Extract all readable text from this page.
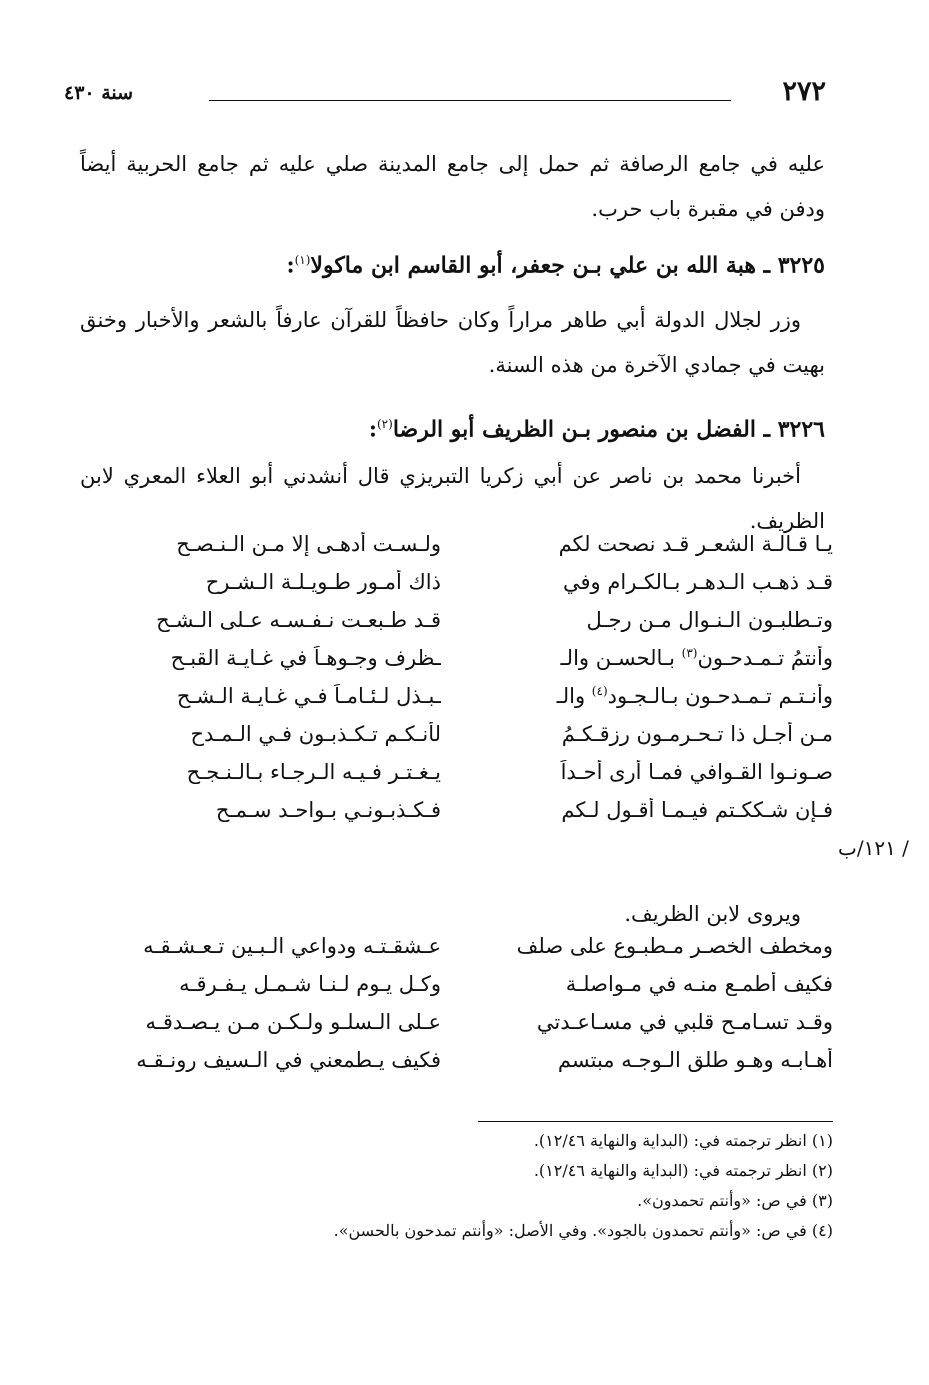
٢٧٢
سنة ٤٣٠
عليه في جامع الرصافة ثم حمل إلى جامع المدينة صلي عليه ثم جامع الحربية أيضاً ودفن في مقبرة باب حرب.
٣٢٢٥ ـ هبة الله بن علي بـن جعفر، أبو القاسم ابن ماكولا$^{(١)}$:
وزر لجلال الدولة أبي طاهر مراراً وكان حافظاً للقرآن عارفاً بالشعر والأخبار وخنق بهيت في جمادي الآخرة من هذه السنة.
٣٢٢٦ ـ الفضل بن منصور بـن الظريف أبو الرضا$^{(٢)}$:
أخبرنا محمد بن ناصر عن أبي زكريا التبريزي قال أنشدني أبو العلاء المعري لابن الظريف.
يـا قـالـة الشعـر قـد نصحت لكم
ولـسـت أدهـى إلا مـن الـنـصـح
قـد ذهـب الـدهـر بـالكـرام وفي
ذاك أمـور طـويـلـة الـشـرح
وتـطلبـون الـنـوال مـن رجـل
قـد طـبعـت نـفـسـه عـلى الـشـح
وأنتمُ تـمـدحـون$^{(٣)}$ بـالحسـن والـ
ـظرف وجـوهـاً في غـايـة القبـح
وأنـتـم تـمـدحـون بـالـجـود$^{(٤)}$ والـ
ـبـذل لـئـامـاً فـي غـايـة الـشـح
مـن أجـل ذا تـحـرمـون رزقـكـمُ
لأنـكـم تـكـذبـون فـي الـمـدح
صـونـوا القـوافي فمـا أرى أحـداً
يـغـتـر فـيـه الـرجـاء بـالـنـجـح
فـإن شـككـتم فيـمـا أقـول لـكم
فـكـذبـونـي بـواحـد سـمـح
١٢١/ب /
ويروى لابن الظريف.
ومخطف الخصـر مـطبـوع على صلف
عـشقـتـه ودواعي الـبـين تـعـشـقـه
فكيف أطمـع منـه في مـواصلـة
وكـل يـوم لـنـا شـمـل يـفـرقـه
وقـد تسـامـح قلبي في مسـاعـدتي
عـلى الـسلـو ولـكـن مـن يـصـدقـه
أهـابـه وهـو طلق الـوجـه مبتسم
فكيف يـطمعني في الـسيف رونـقـه
(١) انظر ترجمته في: (البداية والنهاية ١٢/٤٦).
(٢) انظر ترجمته في: (البداية والنهاية ١٢/٤٦).
(٣) في ص: «وأنتم تحمدون».
(٤) في ص: «وأنتم تحمدون بالجود». وفي الأصل: «وأنتم تمدحون بالحسن».
